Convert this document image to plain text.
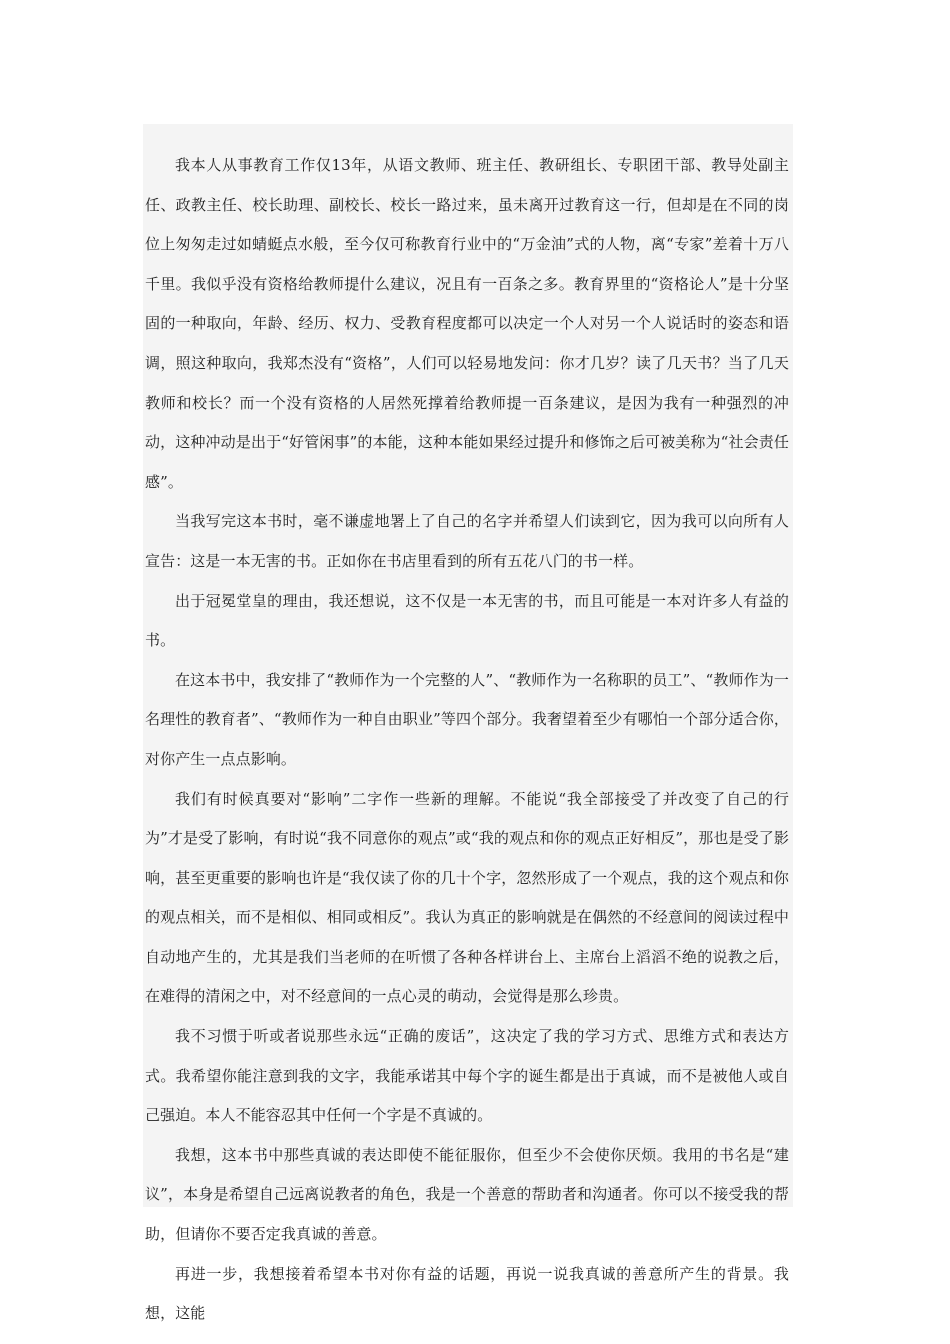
我本人从事教育工作仅13年，从语文教师、班主任、教研组长、专职团干部、教导处副主任、政教主任、校长助理、副校长、校长一路过来，虽未离开过教育这一行，但却是在不同的岗位上匆匆走过如蜻蜓点水般，至今仅可称教育行业中的“万金油”式的人物，离“专家”差着十万八千里。我似乎没有资格给教师提什么建议，况且有一百条之多。教育界里的“资格论人”是十分坚固的一种取向，年龄、经历、权力、受教育程度都可以决定一个人对另一个人说话时的姿态和语调，照这种取向，我郑杰没有“资格”，人们可以轻易地发问：你才几岁？读了几天书？当了几天教师和校长？而一个没有资格的人居然死撑着给教师提一百条建议，是因为我有一种强烈的冲动，这种冲动是出于“好管闲事”的本能，这种本能如果经过提升和修饰之后可被美称为“社会责任感”。

当我写完这本书时，毫不谦虚地署上了自己的名字并希望人们读到它，因为我可以向所有人宣告：这是一本无害的书。正如你在书店里看到的所有五花八门的书一样。

出于冠冕堂皇的理由，我还想说，这不仅是一本无害的书，而且可能是一本对许多人有益的书。

在这本书中，我安排了“教师作为一个完整的人”、“教师作为一名称职的员工”、“教师作为一名理性的教育者”、“教师作为一种自由职业”等四个部分。我奢望着至少有哪怕一个部分适合你，对你产生一点点影响。

我们有时候真要对“影响”二字作一些新的理解。不能说“我全部接受了并改变了自己的行为”才是受了影响，有时说“我不同意你的观点”或“我的观点和你的观点正好相反”，那也是受了影响，甚至更重要的影响也许是“我仅读了你的几十个字，忽然形成了一个观点，我的这个观点和你的观点相关，而不是相似、相同或相反”。我认为真正的影响就是在偶然的不经意间的阅读过程中自动地产生的，尤其是我们当老师的在听惯了各种各样讲台上、主席台上滔滔不绝的说教之后，在难得的清闲之中，对不经意间的一点心灵的萌动，会觉得是那么珍贵。

我不习惯于听或者说那些永远“正确的废话”，这决定了我的学习方式、思维方式和表达方式。我希望你能注意到我的文字，我能承诺其中每个字的诞生都是出于真诚，而不是被他人或自己强迫。本人不能容忍其中任何一个字是不真诚的。

我想，这本书中那些真诚的表达即使不能征服你，但至少不会使你厌烦。我用的书名是“建议”，本身是希望自己远离说教者的角色，我是一个善意的帮助者和沟通者。你可以不接受我的帮助，但请你不要否定我真诚的善意。

再进一步，我想接着希望本书对你有益的话题，再说一说我真诚的善意所产生的背景。我想，这能
